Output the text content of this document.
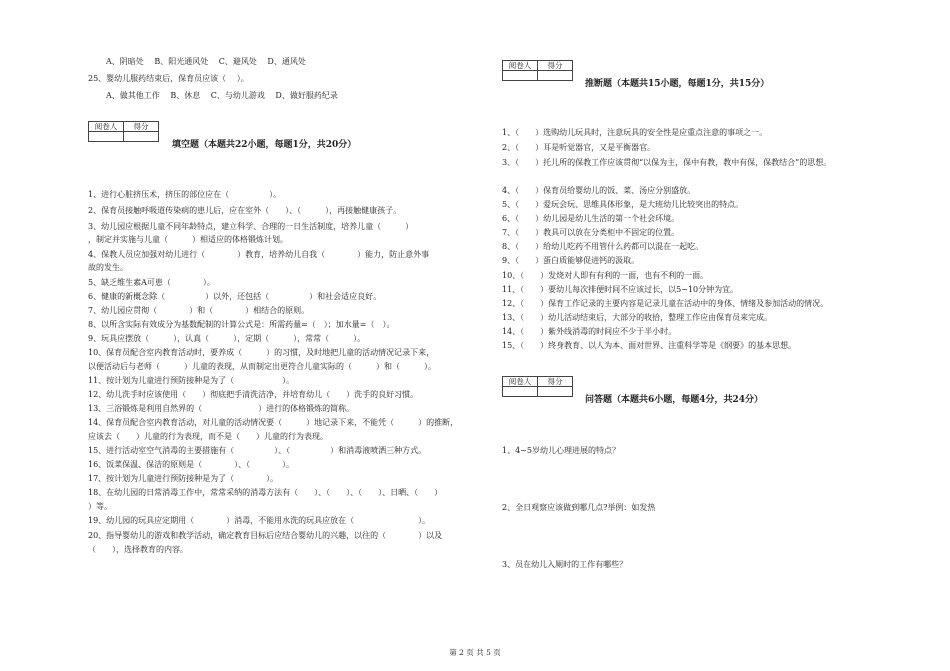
A、阴暗处　 B、阳光通风处　 C、避风处　 D、通风处
25、婴幼儿服药结束后，保育员应该（　 ）。
A、做其他工作　 B、休息　 C、与幼儿游戏　 D、做好服药纪录
阅卷人	得分

填空题（本题共22小题，每题1分，共20分）
1、进行心脏挤压术，挤压的部位应在（　　　　　）。
2、保育员接触呼吸道传染病的患儿后，应在室外（　　）、（　　　），再接触健康孩子。
3、幼儿园应根据儿童不同年龄特点，建立科学、合理的一日生活制度，培养儿童（　　　）
，制定并实施与儿童（　　　）相适应的体格锻炼计划。
4、保教人员应加强对幼儿进行（　　　　）教育，培养幼儿自我（　　　　）能力，防止意外事
故的发生。
5、缺乏维生素A可患（　　　　）。
6、健康的新概念除（　　　　　）以外，还包括（　　　　　）和社会适应良好。
7、幼儿园应贯彻（　　　　）和（　　　　）相结合的原则。
8、以所含实际有效成分为基数配制的计算公式是：所需药量=（　）；加水量=（　）。
9、玩具应摆放（　　　），认真（　　　），定期（　　　），常常（　　　）。
10、保育员配合室内教育活动时，要养成（　　　）的习惯，及时地把儿童的活动情况记录下来，
以便活动后与老师（　　　）儿童的表现，从而制定出更符合儿童实际的（　　　）和（　　　）。
11、按计划为儿童进行预防接种是为了（　　　　　　）。
12、幼儿洗手时应该使用（　　）彻底把手清洗洁净，并培育幼儿（　　）洗手的良好习惯。
13、三浴锻炼是利用自然界的（　　　　　　　）进行的体格锻炼的简称。
14、保育员配合室内教育活动，对儿童的活动情况要（　　　）地记录下来，不能凭（　　　）的推断，
应该去（　　）儿童的行为表现，而不是（　　）儿童的行为表现。
15、进行活动室空气消毒的主要措施有（　　　　　）、（　　　　　）和消毒液喷洒三种方式。
16、饭菜保温、保洁的原则是（　　　　）、（　　　　）。
17、按计划为儿童进行预防接种是为了（　　　　）。
18、在幼儿园的日常消毒工作中，常常采纳的消毒方法有（　　）、（　　）、（　　）、日晒、（　　）
）等。
19、幼儿园的玩具应定期用（　　　　）消毒，不能用水洗的玩具应放在（　　　　　　　　）。
20、指导婴幼儿的游戏和教学活动，确定教育目标后应结合婴幼儿的兴趣，以往的（　　　　）以及
（　　），选择教育的内容。
阅卷人	得分

推断题（本题共15小题，每题1分，共15分）
1、（　　）选购幼儿玩具时，注意玩具的安全性是应重点注意的事项之一。
2、（　　）耳是听觉器官，又是平衡器官。
3、（　　）托儿所的保教工作应该贯彻“以保为主，保中有教，教中有保，保教结合”的思想。
4、（　　）保育员给婴幼儿的饭、菜、汤应分别盛放。
5、（　　）爱玩会玩、思维具体形象，是大班幼儿比较突出的特点。
6、（　　）幼儿园是幼儿生活的第一个社会环境。
7、（　　）教具可以放在分类柜中不固定的位置。
8、（　　）给幼儿吃药不用管什么药都可以混在一起吃。
9、（　　）蛋白质能够促进钙的汲取。
10、（　　）发烧对人即有有利的一面，也有不利的一面。
11、（　　）要幼儿每次排便时间不应该过长，以5~10分钟为宜。
12、（　　）保育工作记录的主要内容是记录儿童在活动中的身体、情绪及参加活动的情况。
13、（　　）幼儿活动结束后，大部分的收拾，整理工作应由保育员来完成。
14、（　　）紫外线消毒的时间应不少于半小时。
15、（　　）终身教育、以人为本、面对世界、注重科学等是《纲要》的基本思想。
阅卷人	得分

问答题（本题共6小题，每题4分，共24分）
1、4~5岁幼儿心理进展的特点？
2、全日观察应该做到哪几点?举例：如发热
3、员在幼儿入厕时的工作有哪些？
第 2 页 共 5 页
